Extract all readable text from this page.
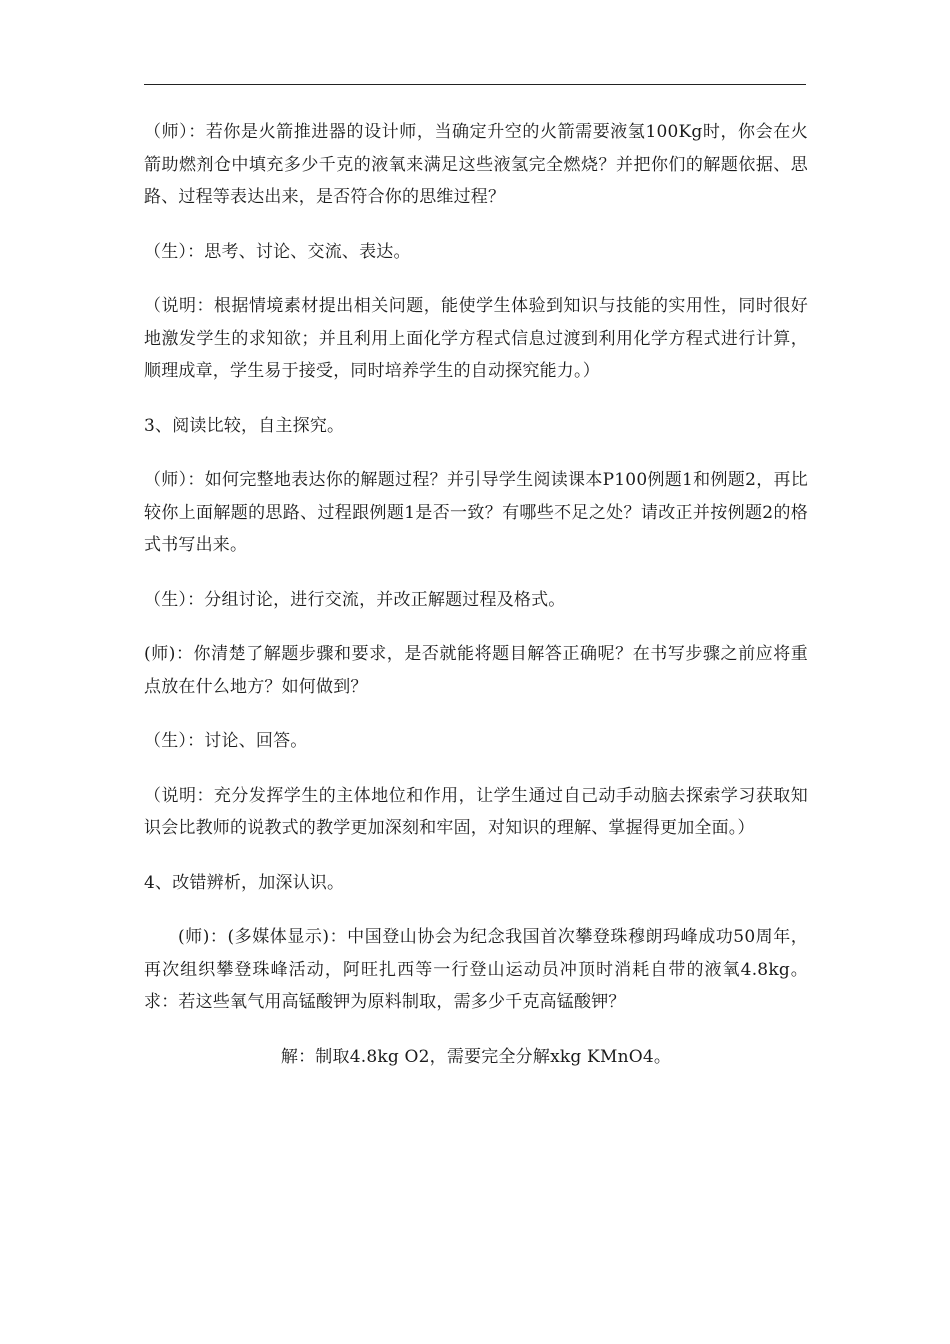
（师）：若你是火箭推进器的设计师，当确定升空的火箭需要液氢100Kg时，你会在火箭助燃剂仓中填充多少千克的液氧来满足这些液氢完全燃烧？并把你们的解题依据、思路、过程等表达出来，是否符合你的思维过程？

（生）：思考、讨论、交流、表达。

（说明：根据情境素材提出相关问题，能使学生体验到知识与技能的实用性，同时很好地激发学生的求知欲；并且利用上面化学方程式信息过渡到利用化学方程式进行计算，顺理成章，学生易于接受，同时培养学生的自动探究能力。）

3、阅读比较，自主探究。

（师）：如何完整地表达你的解题过程？并引导学生阅读课本P100例题1和例题2，再比较你上面解题的思路、过程跟例题1是否一致？有哪些不足之处？请改正并按例题2的格式书写出来。

（生）：分组讨论，进行交流，并改正解题过程及格式。

(师)：你清楚了解题步骤和要求，是否就能将题目解答正确呢？在书写步骤之前应将重点放在什么地方？如何做到？

（生）：讨论、回答。

（说明：充分发挥学生的主体地位和作用，让学生通过自己动手动脑去探索学习获取知识会比教师的说教式的教学更加深刻和牢固，对知识的理解、掌握得更加全面。）

4、改错辨析，加深认识。

(师)：(多媒体显示)：中国登山协会为纪念我国首次攀登珠穆朗玛峰成功50周年，再次组织攀登珠峰活动，阿旺扎西等一行登山运动员冲顶时消耗自带的液氧4.8kg。求：若这些氧气用高锰酸钾为原料制取，需多少千克高锰酸钾？

解：制取4.8kg O2，需要完全分解xkg KMnO4。
